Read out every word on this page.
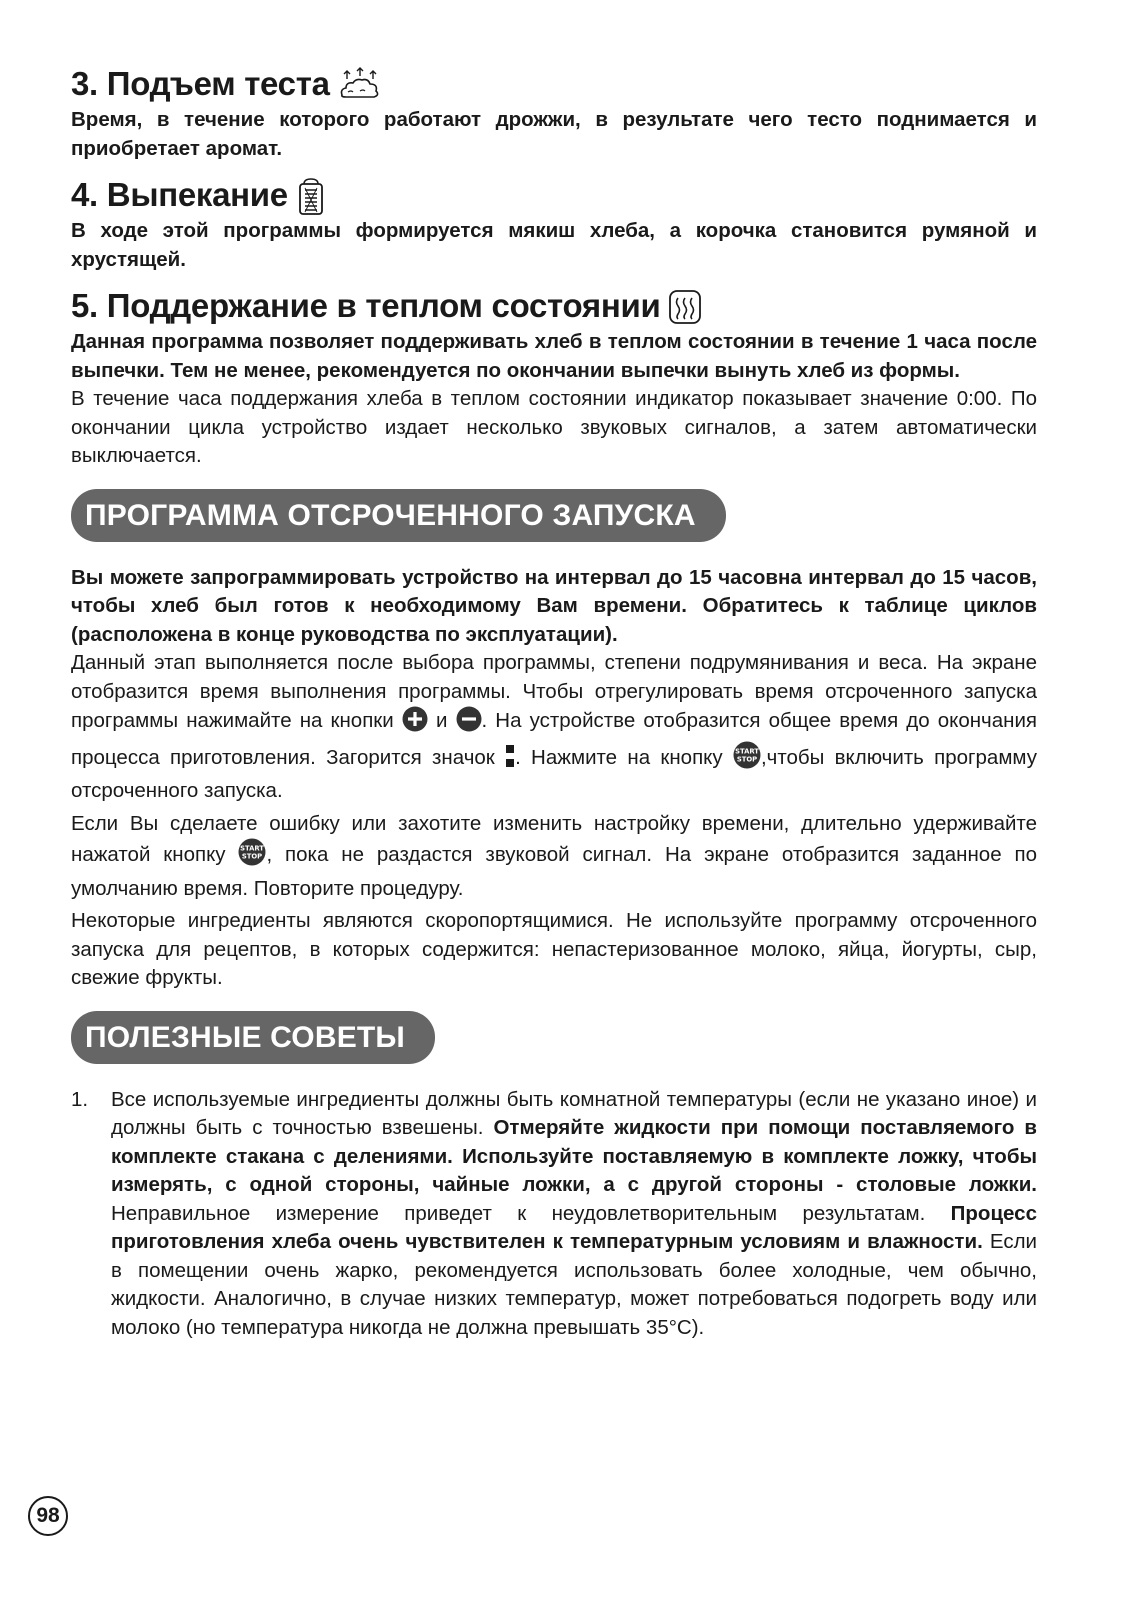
3. Подъем теста

Время, в течение которого работают дрожжи, в результате чего тесто поднимается и приобретает аромат.

4. Выпекание

В ходе этой программы формируется мякиш хлеба, а корочка становится румяной и хрустящей.

5. Поддержание в теплом состоянии

Данная программа позволяет поддерживать хлеб в теплом состоянии в течение 1 часа после выпечки. Тем не менее, рекомендуется по окончании выпечки вынуть хлеб из формы.

В течение часа поддержания хлеба в теплом состоянии индикатор показывает значение 0:00. По окончании цикла устройство издает несколько звуковых сигналов, а затем автоматически выключается.

ПРОГРАММА ОТСРОЧЕННОГО ЗАПУСКА

Вы можете запрограммировать устройство на интервал до 15 часовна интервал до 15 часов, чтобы хлеб был готов к необходимому Вам времени. Обратитесь к таблице циклов (расположена в конце руководства по эксплуатации).

Данный этап выполняется после выбора программы, степени подрумянивания и веса. На экране отобразится время выполнения программы. Чтобы отрегулировать время отсроченного запуска программы нажимайте на кнопки и . На устройстве отобразится общее время до окончания процесса приготовления. Загорится значок . Нажмите на кнопку START
STOP ,чтобы включить программу отсроченного запуска.

Если Вы сделаете ошибку или захотите изменить настройку времени, длительно удерживайте нажатой кнопку START
STOP , пока не раздастся звуковой сигнал. На экране отобразится заданное по умолчанию время. Повторите процедуру.

Некоторые ингредиенты являются скоропортящимися. Не используйте программу отсроченного запуска для рецептов, в которых содержится: непастеризованное молоко, яйца, йогурты, сыр, свежие фрукты.

ПОЛЕЗНЫЕ СОВЕТЫ
1.	Все используемые ингредиенты должны быть комнатной температуры (если не указано иное) и должны быть с точностью взвешены. Отмеряйте жидкости при помощи поставляемого в комплекте стакана с делениями. Используйте поставляемую в комплекте ложку, чтобы измерять, с одной стороны, чайные ложки, а с другой стороны - столовые ложки. Неправильное измерение приведет к неудовлетворительным результатам. Процесс приготовления хлеба очень чувствителен к температурным условиям и влажности. Если в помещении очень жарко, рекомендуется использовать более холодные, чем обычно, жидкости. Аналогично, в случае низких температур, может потребоваться подогреть воду или молоко (но температура никогда не должна превышать 35°C).

98
